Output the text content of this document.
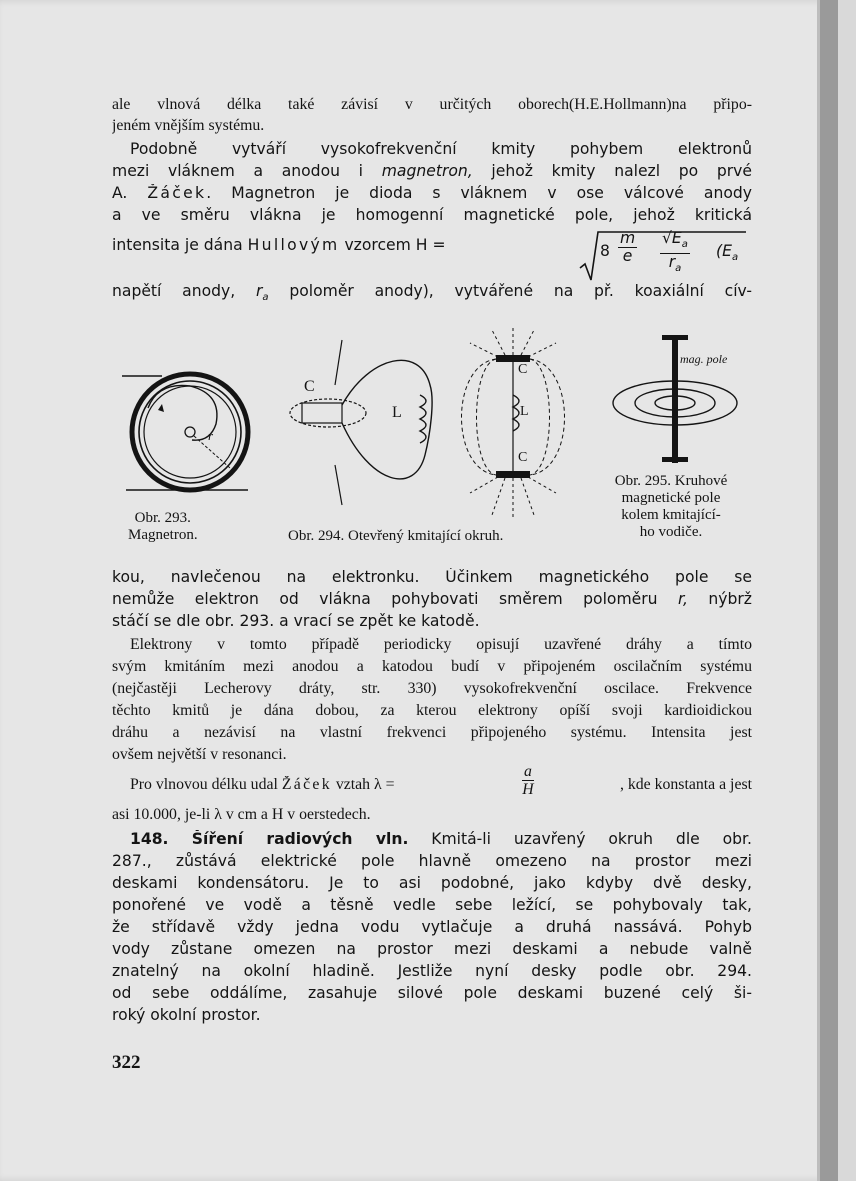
ale vlnová délka také závisí v určitých oborech(H.E.Hollmann)na připo-
jeném vnějším systému.
Podobně vytváří vysokofrekvenční kmity pohybem elektronů
mezi vláknem a anodou i magnetron, jehož kmity nalezl po prvé
A. Žáček. Magnetron je dioda s vláknem v ose válcové anody
a ve směru vlákna je homogenní magnetické pole, jehož kritická
intensita je dána Hullovým vzorcem H =	$8 \frac{m}{e} \frac{√E_a}{r_a} (E_a$
napětí anody, $r_a$ poloměr anody), vytvářené na př. koaxiální cív-
r
Obr. 293.
Magnetron.
C
L
C
L
C
Obr. 294. Otevřený kmitající okruh.
mag. pole
Obr. 295. Kruhové
magnetické pole
kolem kmitající-
ho vodiče.
kou, navlečenou na elektronku. Účinkem magnetického pole se
nemůže elektron od vlákna pohybovati směrem poloměru r, nýbrž
stáčí se dle obr. 293. a vrací se zpět ke katodě.
Elektrony v tomto případě periodicky opisují uzavřené dráhy a tímto
svým kmitáním mezi anodou a katodou budí v připojeném oscilačním systému
(nejčastěji Lecherovy dráty, str. 330) vysokofrekvenční oscilace. Frekvence
těchto kmitů je dána dobou, za kterou elektrony opíší svoji kardioidickou
dráhu a nezávisí na vlastní frekvenci připojeného systému. Intensita jest
ovšem největší v resonanci.
Pro vlnovou délku udal Žáček vztah λ =	$\frac{a}{H}$	, kde konstanta a jest
asi 10.000, je-li λ v cm a H v oerstedech.
148. Šíření radiových vln. Kmitá-li uzavřený okruh dle obr.
287., zůstává elektrické pole hlavně omezeno na prostor mezi
deskami kondensátoru. Je to asi podobné, jako kdyby dvě desky,
ponořené ve vodě a těsně vedle sebe ležící, se pohybovaly tak,
že střídavě vždy jedna vodu vytlačuje a druhá nassává. Pohyb
vody zůstane omezen na prostor mezi deskami a nebude valně
znatelný na okolní hladině. Jestliže nyní desky podle obr. 294.
od sebe oddálíme, zasahuje silové pole deskami buzené celý ši-
roký okolní prostor.
322
